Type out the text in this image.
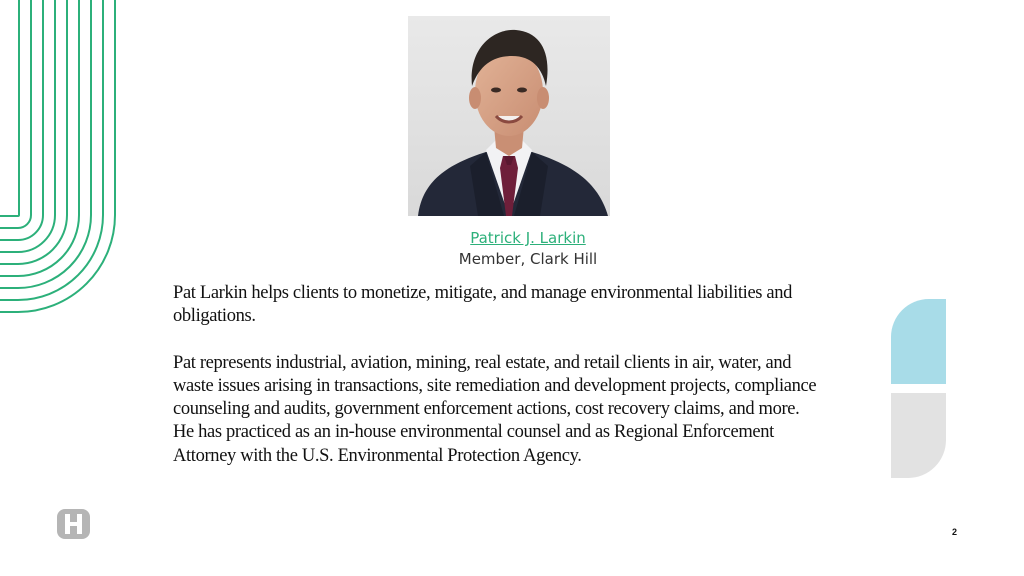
Patrick J. Larkin
Member, Clark Hill

Pat Larkin helps clients to monetize, mitigate, and manage environmental liabilities and obligations.

Pat represents industrial, aviation, mining, real estate, and retail clients in air, water, and waste issues arising in transactions, site remediation and development projects, compliance counseling and audits, government enforcement actions, cost recovery claims, and more. He has practiced as an in-house environmental counsel and as Regional Enforcement Attorney with the U.S. Environmental Protection Agency.

2
